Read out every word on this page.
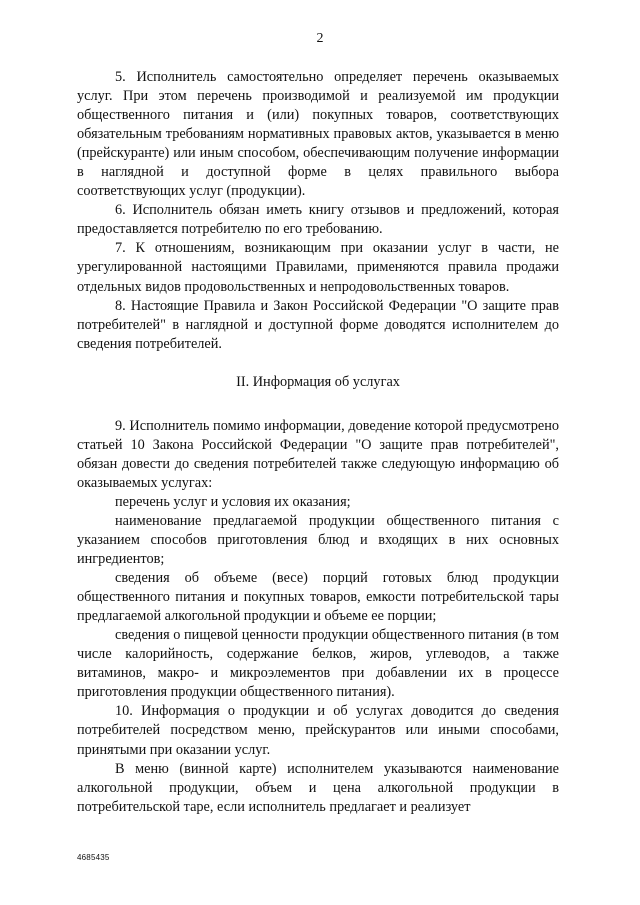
2

5. Исполнитель самостоятельно определяет перечень оказываемых услуг. При этом перечень производимой и реализуемой им продукции общественного питания и (или) покупных товаров, соответствующих обязательным требованиям нормативных правовых актов, указывается в меню (прейскуранте) или иным способом, обеспечивающим получение информации в наглядной и доступной форме в целях правильного выбора соответствующих услуг (продукции).

6. Исполнитель обязан иметь книгу отзывов и предложений, которая предоставляется потребителю по его требованию.

7. К отношениям, возникающим при оказании услуг в части, не урегулированной настоящими Правилами, применяются правила продажи отдельных видов продовольственных и непродовольственных товаров.

8. Настоящие Правила и Закон Российской Федерации "О защите прав потребителей" в наглядной и доступной форме доводятся исполнителем до сведения потребителей.

II. Информация об услугах

9. Исполнитель помимо информации, доведение которой предусмотрено статьей 10 Закона Российской Федерации "О защите прав потребителей", обязан довести до сведения потребителей также следующую информацию об оказываемых услугах:

перечень услуг и условия их оказания;

наименование предлагаемой продукции общественного питания с указанием способов приготовления блюд и входящих в них основных ингредиентов;

сведения об объеме (весе) порций готовых блюд продукции общественного питания и покупных товаров, емкости потребительской тары предлагаемой алкогольной продукции и объеме ее порции;

сведения о пищевой ценности продукции общественного питания (в том числе калорийность, содержание белков, жиров, углеводов, а также витаминов, макро- и микроэлементов при добавлении их в процессе приготовления продукции общественного питания).

10. Информация о продукции и об услугах доводится до сведения потребителей посредством меню, прейскурантов или иными способами, принятыми при оказании услуг.

В меню (винной карте) исполнителем указываются наименование алкогольной продукции, объем и цена алкогольной продукции в потребительской таре, если исполнитель предлагает и реализует

4685435
